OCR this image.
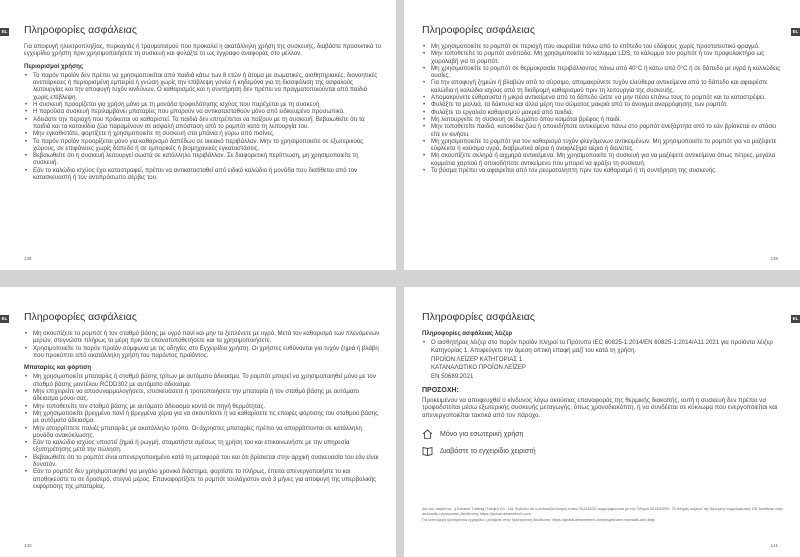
EL Πληροφορίες ασφάλειας

Για αποφυγή ηλεκτροπληξίας, πυρκαγιάς ή τραυματισμού που προκαλεί η ακατάλληλη χρήση της συσκευής, διαβάστε προσεκτικά το εγχειρίδιο χρήστη πριν χρησιμοποιήσετε τη συσκευή και φυλάξτε το ως έγγραφο αναφοράς στο μέλλον.

Περιορισμοί χρήσης

• Το παρόν προϊόν δεν πρέπει να χρησιμοποιείται από παιδιά κάτω των 8 ετών ή άτομα με σωματικές, αισθητηριακές, διανοητικές ανεπάρκειες ή περιορισμένη εμπειρία ή γνώση χωρίς την επίβλεψη γονέα ή κηδεμόνα για τη διασφάλιση της ασφαλούς λειτουργίας και την αποφυγή τυχόν κινδύνων. Ο καθαρισμός και η συντήρηση δεν πρέπει να πραγματοποιούνται από παιδιά χωρίς επίβλεψη.
• Η συσκευή προορίζεται για χρήση μόνο με τη μονάδα τροφοδότησης ισχύος που παρέχεται με τη συσκευή.
• Η παρούσα συσκευή περιλαμβάνει μπαταρίες που μπορούν να αντικατασταθούν μόνο από ειδικευμένο προσωπικό.
• Αδειάστε την περιοχή που πρόκειται να καθαριστεί. Τα παιδιά δεν επιτρέπεται να παίζουν με τη συσκευή. Βεβαιωθείτε ότι τα παιδιά και τα κατοικίδια ζώα παραμένουν σε ασφαλή απόσταση από το ρομπότ κατά τη λειτουργία του.
• Μην εγκαθιστάτε, φορτίζετε ή χρησιμοποιείτε τη συσκευή στα μπάνια ή γύρω από πισίνες.
• Το παρόν προϊόν προορίζεται μόνο για καθαρισμό δαπέδων σε οικιακό περιβάλλον. Μην το χρησιμοποιείτε σε εξωτερικούς χώρους, σε επιφάνειες χωρίς δάπεδο ή σε εμπορικές ή βιομηχανικές εγκαταστάσεις.
• Βεβαιωθείτε ότι η συσκευή λειτουργεί σωστά σε κατάλληλο περιβάλλον. Σε διαφορετική περίπτωση, μη χρησιμοποιείτε τη συσκευή.
• Εάν το καλώδιο ισχύος έχει καταστραφεί, πρέπει να αντικατασταθεί από ειδικό καλώδιο ή μονάδα που διατίθεται από τον κατασκευαστή ή τον αντιπρόσωπο σέρβις του.
138
EL
Πληροφορίες ασφάλειας
• Μη χρησιμοποιείτε το ρομπότ σε περιοχή που αιωρείται πάνω από το επίπεδο του εδάφους χωρίς προστατευτικό φραγμό.
• Μην τοποθετείτε το ρομπότ ανάποδα. Μη χρησιμοποιείτε το κάλυμμα LDS, το κάλυμμα του ρομπότ ή τον προφυλακτήρα ως χειρολαβή για το ρομπότ.
• Μη χρησιμοποιείτε το ρομπότ σε θερμοκρασία περιβάλλοντος πάνω από 40°C ή κάτω από 0°C ή σε δάπεδο με υγρά ή κολλώδεις ουσίες.
• Για την αποφυγή ζημιών ή βλαβών από το σύρσιμο, απομακρύνετε τυχόν ελεύθερα αντικείμενα από το δάπεδο και αφαιρέστε καλώδια ή καλώδια ισχύος από τη διαδρομή καθαρισμού πριν τη λειτουργία της συσκευής.
• Απομακρύνετε εύθραυστα ή μικρά αντικείμενα από το δάπεδο ώστε να μην πέσει επάνω τους το ρομπότ και τα καταστρέψει.
• Φυλάξτε τα μαλλιά, τα δάκτυλα και άλλα μέρη του σώματος μακριά από το άνοιγμα αναρρόφησης των ρομπότ.
• Φυλάξτε το εργαλείο καθαρισμού μακριά από παιδιά.
• Μη λειτουργείτε τη συσκευή σε δωμάτιο όπου κοιμάται βρέφος ή παιδί.
• Μην τοποθετείτε παιδιά, κατοικίδια ζώα ή οποιοδήποτε αντικείμενο πάνω στο ρομπότ ανεξάρτητα από το εάν βρίσκεται εν στάσει είτε εν κινήσει.
• Μη χρησιμοποιείτε το ρομπότ για τον καθαρισμό τυχόν φλεγόμενων αντικειμένων. Μη χρησιμοποιείτε το ρομπότ για να μαζέψετε εύφλεκτα ή καύσιμα υγρά, διαβρωτικά αέρια ή αναφλέξιμα αέρια ή διαλύτες.
• Μη σκουπίζετε σκληρά ή αιχμηρά αντικείμενα. Μη χρησιμοποιείτε τη συσκευή για να μαζέψετε αντικείμενα όπως πέτρες, μεγάλα κομμάτια χαρτιού ή οποιοδήποτε αντικείμενο που μπορεί να φράξει τη συσκευή.
• Το βύσμα πρέπει να αφαιρείται από τον ρευματοληπτη πριν τον καθαρισμό ή τη συντήρηση της συσκευής.
139
EL Πληροφορίες ασφάλειας
• Μη σκουπίζετε το ρομπότ ή τον σταθμό βάσης με υγρό πανί και μην τα ξεπλένετε με υγρό. Μετά τον καθαρισμό των πλενόμενων μερών, στεγνώστε πλήρως τα μέρη πριν τα επανατοποθετήσετε και τα χρησιμοποιήσετε.
• Χρησιμοποιείτε το παρόν προϊόν σύμφωνα με τις οδηγίες στο Εγχειρίδιο χρήστη. Οι χρήστες ευθύνονται για τυχόν ζημιά ή βλάβη που προκύπτει από ακατάλληλη χρήση του παρόντος προϊόντος.

Μπαταρίες και φόρτιση

• Μη χρησιμοποιείτε μπαταρίες ή σταθμό βάσης τρίτων με αυτόματο άδειασμα. Το ρομπότ μπορεί να χρησιμοποιηθεί μόνο με τον σταθμό βάσης μοντέλου RCDD302 με αυτόματο άδειασμα.
• Μην επιχειρείτε να αποσυναρμολογήσετε, επισκευάσετε ή τροποποιήσετε την μπαταρία ή τον σταθμό βάσης με αυτόματο άδειασμα μόνοι σας.
• Μην τοποθετείτε τον σταθμό βάσης με αυτόματο άδειασμα κοντά σε πηγή θερμότητας.
• Μη χρησιμοποιείτε βρεγμένο πανί ή βρεγμένα χέρια για να σκουπίσετε ή να καθαρίσετε τις επαφές φόρτισης του σταθμού βάσης με αυτόματο άδειασμα.
• Μην απορρίπτετε παλιές μπαταρίες με ακατάλληλο τρόπο. Οι άχρηστες μπαταρίες πρέπει να απορρίπτονται σε κατάλληλη μονάδα ανακύκλωσης.
• Εάν το καλώδιο ισχύος υποστεί ζημιά ή ρωγμή, σταματήστε αμέσως τη χρήση του και επικοινωνήστε με την υπηρεσία εξυπηρέτησης μετά την πώληση.
• Βεβαιωθείτε ότι το ρομπότ είναι απενεργοποιημένο κατά τη μεταφορά του και ότι βρίσκεται στην αρχική συσκευασία του εάν είναι δυνατόν.
• Εάν το ρομπότ δεν χρησιμοποιηθεί για μεγάλο χρονικό διάστημα, φορτίστε το πλήρως, έπειτα απενεργοποιήστε το και αποθηκεύστε το σε δροσερό, στεγνό μέρος. Επαναφορτίζετε το ρομπότ τουλάχιστον ανά 3 μήνες για αποφυγή της υπερβολικής εκφόρτισης της μπαταρίας.
140
EL
Πληροφορίες ασφάλειας

Πληροφορίες ασφάλειας λέιζερ

• Ο αισθητήρας λέιζερ στο παρόν προϊόν πληροί το Πρότυπο IEC 60825-1:2014/EN 60825-1:2014/A11:2021 για προϊόντα λέιζερ Κατηγορίας 1. Αποφεύγετε την άμεση οπτική επαφή μαζί του κατά τη χρήση.
ΠΡΟΪΟΝ ΛΕΪΖΕΡ ΚΑΤΗΓΟΡΙΑΣ 1
ΚΑΤΑΝΑΛΩΤΙΚΟ ΠΡΟΪΟΝ ΛΕΪΖΕΡ
EN 50689:2021

ΠΡΟΣΟΧΗ:

Προκειμένου να αποφευχθεί ο κίνδυνος λόγω ακούσιας επαναφοράς της θερμικής διακοπής, αυτή η συσκευή δεν πρέπει να τροφοδοτείται μέσω εξωτερικής συσκευής μεταγωγής, όπως χρονοδιακόπτη, ή να συνδέεται σε κύκλωμα που ενεργοποιείται και απενεργοποιείται τακτικά από τον πάροχο.

Μόνο για εσωτερική χρήση
Διαβάστε το εγχειρίδιο χειριστή
Δια του παρόντος, η Dreame Trading (Tianjin) Co., Ltd. δηλώνει ότι ο ραδιοεξοπλισμός τύπου RLD43SD συμμορφώνεται με την Οδηγία 2014/53/ΕΕ. Το πλήρες κείμενο της δήλωσης συμμόρφωσης ΕΕ διατίθεται στην ακόλουθη ηλεκτρονική διεύθυνση: https://global.dreametech.com
Για λεπτομερή ηλεκτρονικό εγχειρίδιο, μεταβείτε στην ηλεκτρονική διεύθυνση: https://global.dreametech.com/pages/user-manuals-and-faqs
141
